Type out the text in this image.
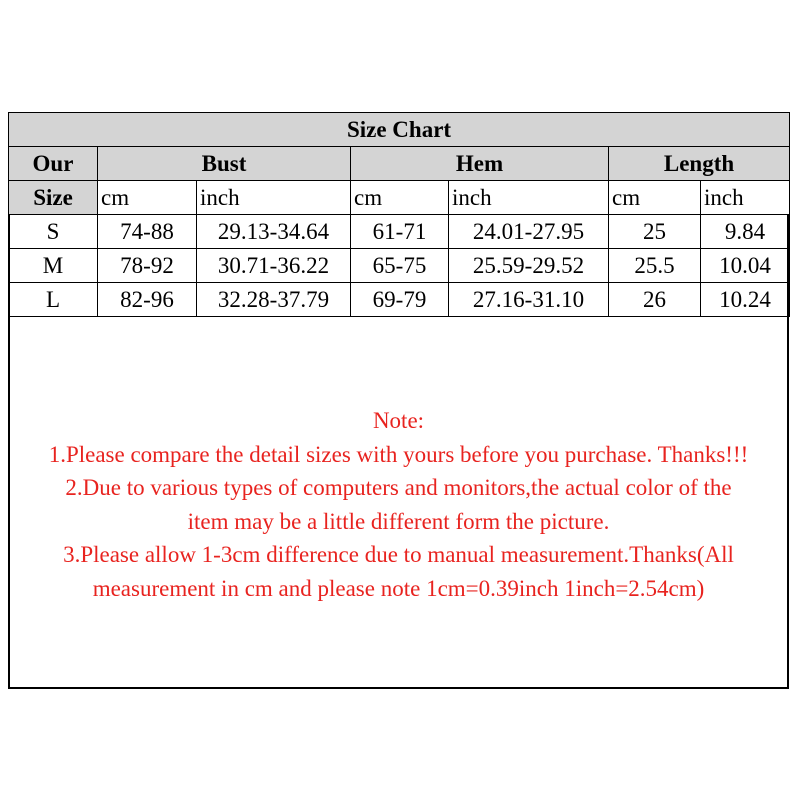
Size Chart						
Our	Bust		Hem		Length	
Size	cm	inch	cm	inch	cm	inch
S	74-88	29.13-34.64	61-71	24.01-27.95	25	9.84
M	78-92	30.71-36.22	65-75	25.59-29.52	25.5	10.04
L	82-96	32.28-37.79	69-79	27.16-31.10	26	10.24
Note:
1.Please compare the detail sizes with yours before you purchase. Thanks!!!
2.Due to various types of computers and monitors,the actual color of the
item may be a little different form the picture.
3.Please allow 1-3cm difference due to manual measurement.Thanks(All
measurement in cm and please note 1cm=0.39inch 1inch=2.54cm)
